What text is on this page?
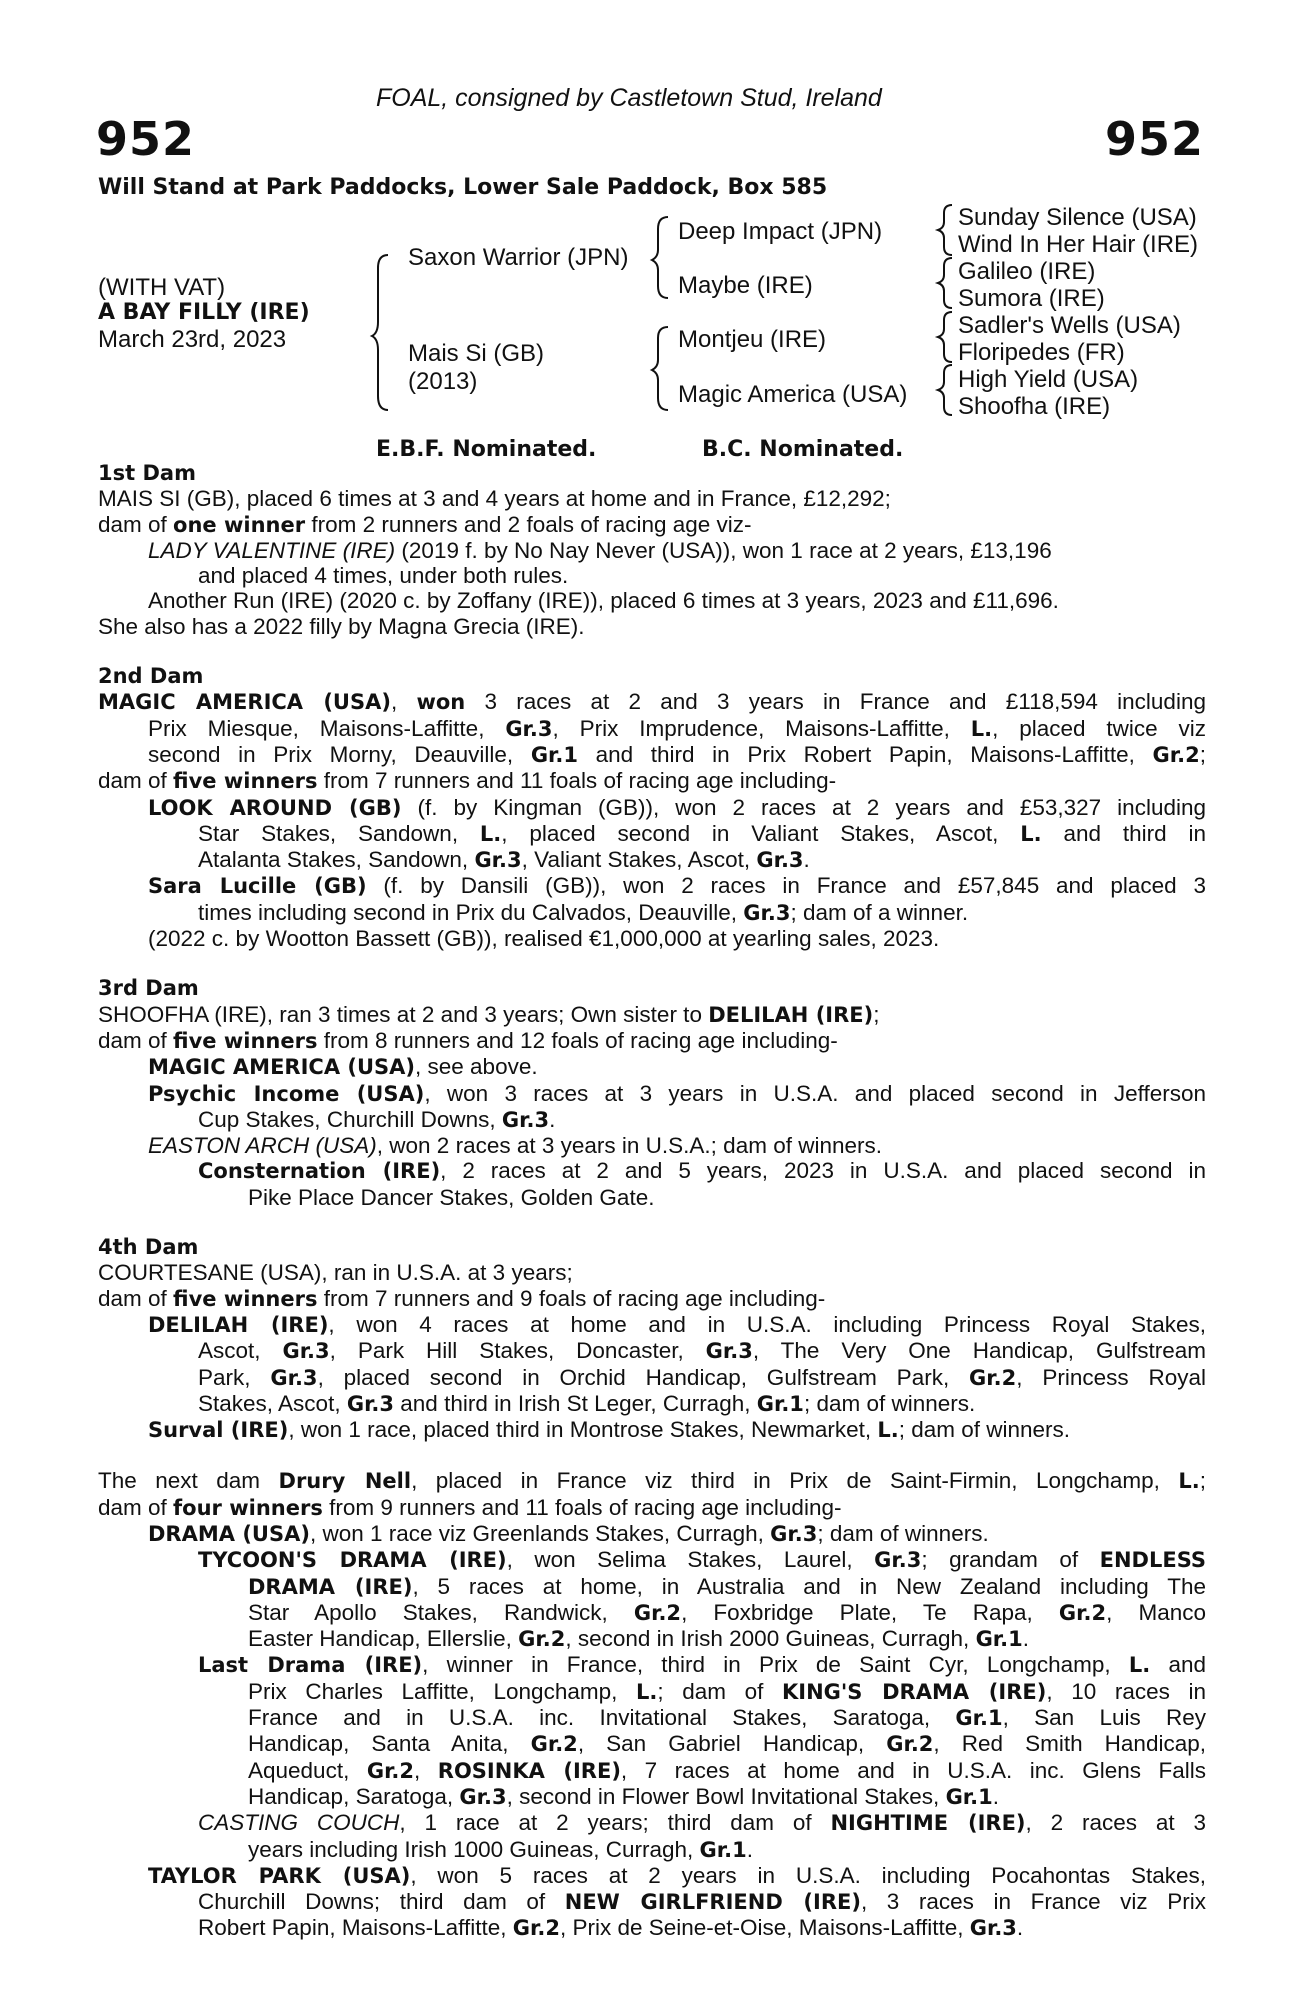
FOAL, consigned by Castletown Stud, Ireland
952	952
Will Stand at Park Paddocks, Lower Sale Paddock, Box 585
(WITH VAT)
A BAY FILLY (IRE)
March 23rd, 2023
Saxon Warrior (JPN)
Mais Si (GB)
(2013)
Deep Impact (JPN)
Maybe (IRE)
Montjeu (IRE)
Magic America (USA)
Sunday Silence (USA)
Wind In Her Hair (IRE)
Galileo (IRE)
Sumora (IRE)
Sadler's Wells (USA)
Floripedes (FR)
High Yield (USA)
Shoofha (IRE)
E.B.F. Nominated.	B.C. Nominated.
1st Dam
MAIS SI (GB), placed 6 times at 3 and 4 years at home and in France, £12,292;
dam of one winner from 2 runners and 2 foals of racing age viz-
LADY VALENTINE (IRE) (2019 f. by No Nay Never (USA)), won 1 race at 2 years, £13,196
and placed 4 times, under both rules.
Another Run (IRE) (2020 c. by Zoffany (IRE)), placed 6 times at 3 years, 2023 and £11,696.
She also has a 2022 filly by Magna Grecia (IRE).
2nd Dam
MAGIC AMERICA (USA), won 3 races at 2 and 3 years in France and £118,594 including
Prix Miesque, Maisons-Laffitte, Gr.3, Prix Imprudence, Maisons-Laffitte, L., placed twice viz
second in Prix Morny, Deauville, Gr.1 and third in Prix Robert Papin, Maisons-Laffitte, Gr.2;
dam of five winners from 7 runners and 11 foals of racing age including-
LOOK AROUND (GB) (f. by Kingman (GB)), won 2 races at 2 years and £53,327 including
Star Stakes, Sandown, L., placed second in Valiant Stakes, Ascot, L. and third in
Atalanta Stakes, Sandown, Gr.3, Valiant Stakes, Ascot, Gr.3.
Sara Lucille (GB) (f. by Dansili (GB)), won 2 races in France and £57,845 and placed 3
times including second in Prix du Calvados, Deauville, Gr.3; dam of a winner.
(2022 c. by Wootton Bassett (GB)), realised €1,000,000 at yearling sales, 2023.
3rd Dam
SHOOFHA (IRE), ran 3 times at 2 and 3 years; Own sister to DELILAH (IRE);
dam of five winners from 8 runners and 12 foals of racing age including-
MAGIC AMERICA (USA), see above.
Psychic Income (USA), won 3 races at 3 years in U.S.A. and placed second in Jefferson
Cup Stakes, Churchill Downs, Gr.3.
EASTON ARCH (USA), won 2 races at 3 years in U.S.A.; dam of winners.
Consternation (IRE), 2 races at 2 and 5 years, 2023 in U.S.A. and placed second in
Pike Place Dancer Stakes, Golden Gate.
4th Dam
COURTESANE (USA), ran in U.S.A. at 3 years;
dam of five winners from 7 runners and 9 foals of racing age including-
DELILAH (IRE), won 4 races at home and in U.S.A. including Princess Royal Stakes,
Ascot, Gr.3, Park Hill Stakes, Doncaster, Gr.3, The Very One Handicap, Gulfstream
Park, Gr.3, placed second in Orchid Handicap, Gulfstream Park, Gr.2, Princess Royal
Stakes, Ascot, Gr.3 and third in Irish St Leger, Curragh, Gr.1; dam of winners.
Surval (IRE), won 1 race, placed third in Montrose Stakes, Newmarket, L.; dam of winners.
The next dam Drury Nell, placed in France viz third in Prix de Saint-Firmin, Longchamp, L.;
dam of four winners from 9 runners and 11 foals of racing age including-
DRAMA (USA), won 1 race viz Greenlands Stakes, Curragh, Gr.3; dam of winners.
TYCOON'S DRAMA (IRE), won Selima Stakes, Laurel, Gr.3; grandam of ENDLESS
DRAMA (IRE), 5 races at home, in Australia and in New Zealand including The
Star Apollo Stakes, Randwick, Gr.2, Foxbridge Plate, Te Rapa, Gr.2, Manco
Easter Handicap, Ellerslie, Gr.2, second in Irish 2000 Guineas, Curragh, Gr.1.
Last Drama (IRE), winner in France, third in Prix de Saint Cyr, Longchamp, L. and
Prix Charles Laffitte, Longchamp, L.; dam of KING'S DRAMA (IRE), 10 races in
France and in U.S.A. inc. Invitational Stakes, Saratoga, Gr.1, San Luis Rey
Handicap, Santa Anita, Gr.2, San Gabriel Handicap, Gr.2, Red Smith Handicap,
Aqueduct, Gr.2, ROSINKA (IRE), 7 races at home and in U.S.A. inc. Glens Falls
Handicap, Saratoga, Gr.3, second in Flower Bowl Invitational Stakes, Gr.1.
CASTING COUCH, 1 race at 2 years; third dam of NIGHTIME (IRE), 2 races at 3
years including Irish 1000 Guineas, Curragh, Gr.1.
TAYLOR PARK (USA), won 5 races at 2 years in U.S.A. including Pocahontas Stakes,
Churchill Downs; third dam of NEW GIRLFRIEND (IRE), 3 races in France viz Prix
Robert Papin, Maisons-Laffitte, Gr.2, Prix de Seine-et-Oise, Maisons-Laffitte, Gr.3.
